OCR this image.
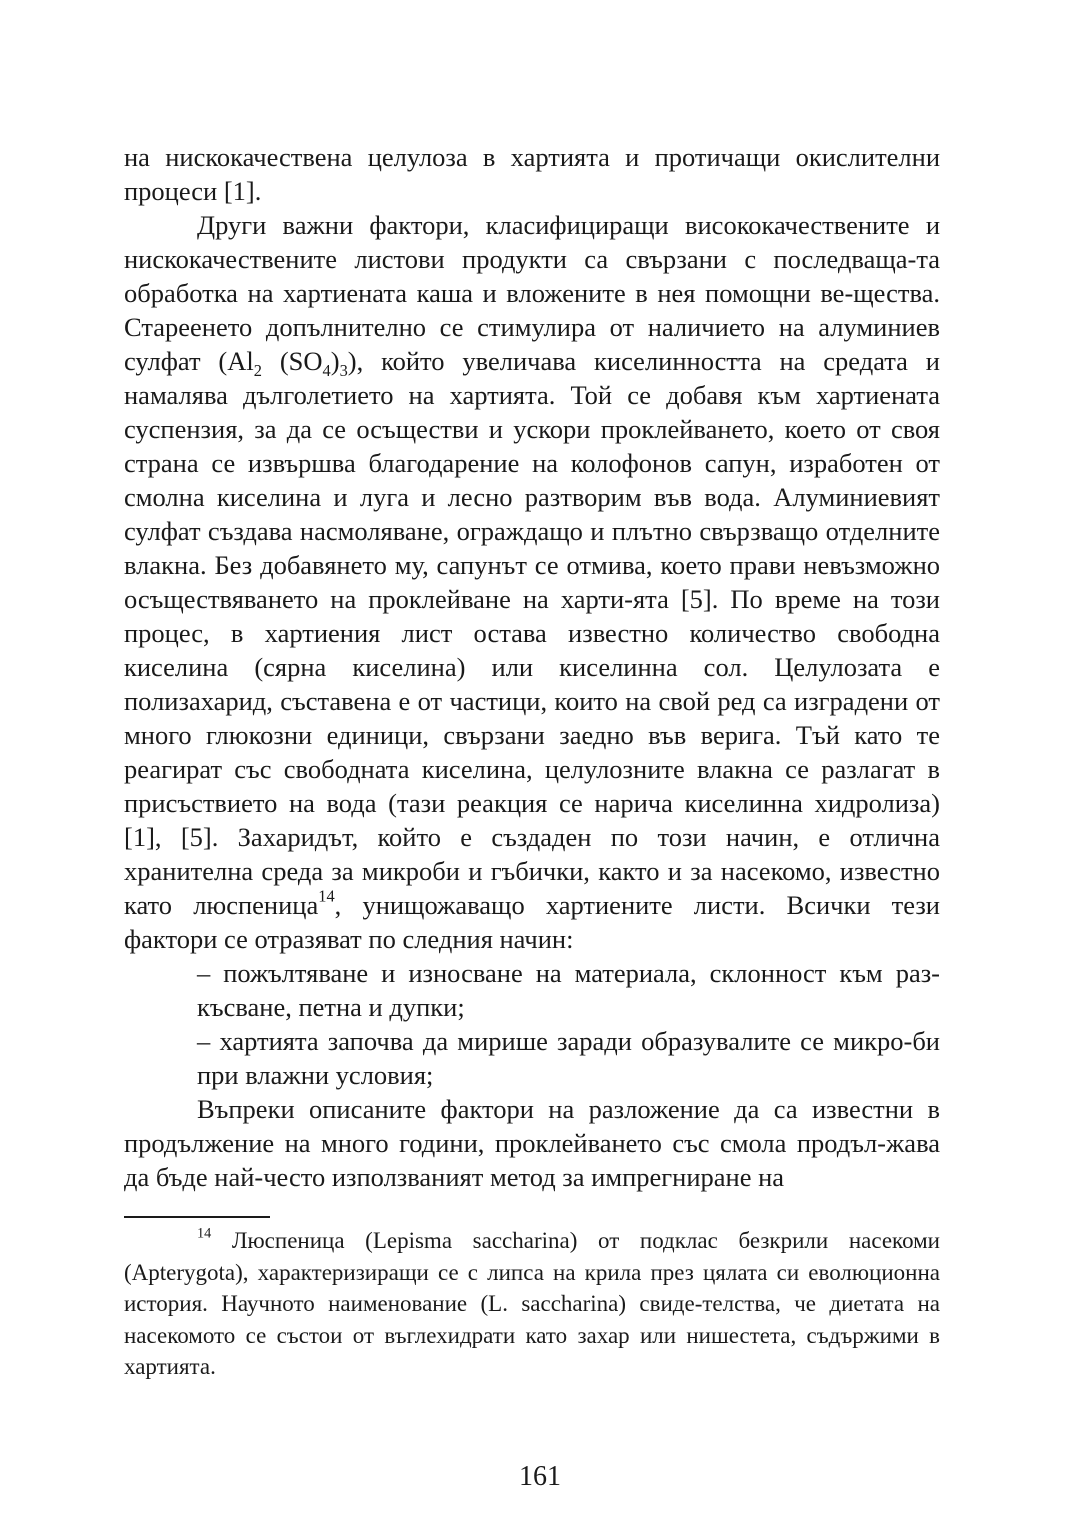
на нискокачествена целулоза в хартията и протичащи окислителни процеси [1].

Други важни фактори, класифициращи висококачествените и нискокачествените листови продукти са свързани с последваща-та обработка на хартиената каша и вложените в нея помощни ве-щества. Стареенето допълнително се стимулира от наличието на алуминиев сулфат ($Al_2$ $(SO_4)_3$), който увеличава киселинността на средата и намалява дълголетието на хартията. Той се добавя към хартиената суспензия, за да се осъществи и ускори проклейването, което от своя страна се извършва благодарение на колофонов сапун, изработен от смолна киселина и луга и лесно разтворим във вода. Алуминиевият сулфат създава насмоляване, ограждащо и плътно свързващо отделните влакна. Без добавянето му, сапунът се отмива, което прави невъзможно осъществяването на проклейване на харти-ята [5]. По време на този процес, в хартиения лист остава известно количество свободна киселина (сярна киселина) или киселинна сол. Целулозата е полизахарид, съставена е от частици, които на свой ред са изградени от много глюкозни единици, свързани заедно във верига. Тъй като те реагират със свободната киселина, целулозните влакна се разлагат в присъствието на вода (тази реакция се нарича киселинна хидролиза) [1], [5]. Захаридът, който е създаден по този начин, е отлична хранителна среда за микроби и гъбички, както и за насекомо, известно като люспеница$^{14}$, унищожаващо хартиените листи. Всички тези фактори се отразяват по следния начин:

– пожълтяване и износване на материала, склонност към раз-късване, петна и дупки;

– хартията започва да мирише заради образувалите се микро-би при влажни условия;

Въпреки описаните фактори на разложение да са известни в продължение на много години, проклейването със смола продъл-жава да бъде най-често използваният метод за импрегниране на

$^{14}$ Люспеница (Lepisma saccharina) от подклас безкрили насекоми (Apterygota), характеризиращи се с липса на крила през цялата си еволюционна история. Научното наименование (L. saccharina) свиде-телства, че диетата на насекомото се състои от въглехидрати като захар или нишестета, съдържими в хартията.

161
